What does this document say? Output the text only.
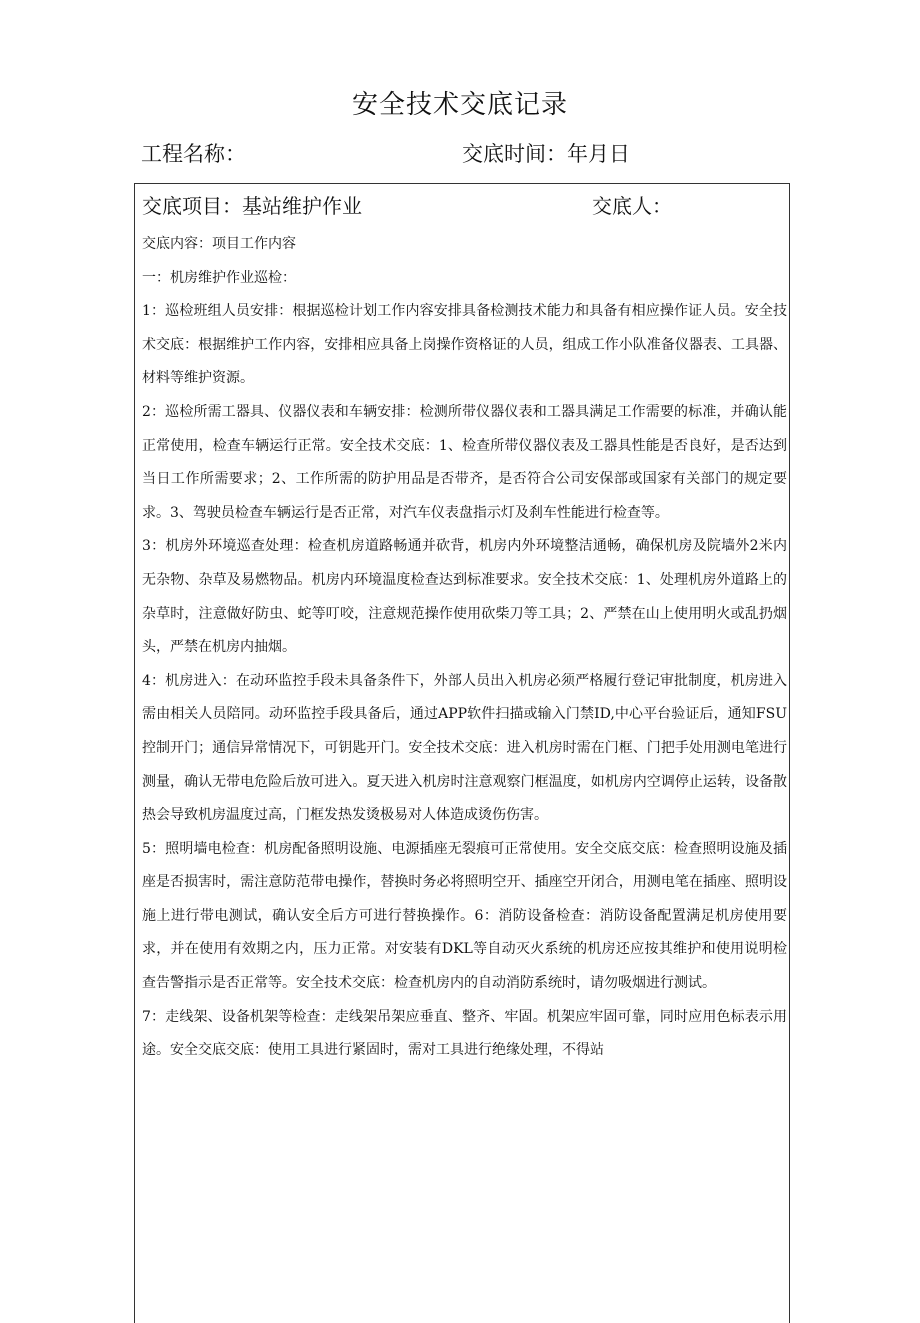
安全技术交底记录
工程名称：	交底时间：年月日
交底项目：基站维护作业	交底人：

交底内容：项目工作内容

一：机房维护作业巡检：

1：巡检班组人员安排：根据巡检计划工作内容安排具备检测技术能力和具备有相应操作证人员。安全技术交底：根据维护工作内容，安排相应具备上岗操作资格证的人员，组成工作小队准备仪器表、工具器、材料等维护资源。

2：巡检所需工器具、仪器仪表和车辆安排：检测所带仪器仪表和工器具满足工作需要的标准，并确认能正常使用，检查车辆运行正常。安全技术交底：1、检查所带仪器仪表及工器具性能是否良好，是否达到当日工作所需要求；2、工作所需的防护用品是否带齐，是否符合公司安保部或国家有关部门的规定要求。3、驾驶员检查车辆运行是否正常，对汽车仪表盘指示灯及刹车性能进行检查等。

3：机房外环境巡查处理：检查机房道路畅通并砍背，机房内外环境整洁通畅，确保机房及院墙外2米内无杂物、杂草及易燃物品。机房内环境温度检查达到标准要求。安全技术交底：1、处理机房外道路上的杂草时，注意做好防虫、蛇等叮咬，注意规范操作使用砍柴刀等工具；2、严禁在山上使用明火或乱扔烟头，严禁在机房内抽烟。

4：机房进入：在动环监控手段未具备条件下，外部人员出入机房必须严格履行登记审批制度，机房进入需由相关人员陪同。动环监控手段具备后，通过APP软件扫描或输入门禁ID,中心平台验证后，通知FSU控制开门；通信异常情况下，可钥匙开门。安全技术交底：进入机房时需在门框、门把手处用测电笔进行测量，确认无带电危险后放可进入。夏天进入机房时注意观察门框温度，如机房内空调停止运转，设备散热会导致机房温度过高，门框发热发烫极易对人体造成烫伤伤害。

5：照明墙电检查：机房配备照明设施、电源插座无裂痕可正常使用。安全交底交底：检查照明设施及插座是否损害时，需注意防范带电操作，替换时务必将照明空开、插座空开闭合，用测电笔在插座、照明设施上进行带电测试，确认安全后方可进行替换操作。6：消防设备检查：消防设备配置满足机房使用要求，并在使用有效期之内，压力正常。对安装有DKL等自动灭火系统的机房还应按其维护和使用说明检查告警指示是否正常等。安全技术交底：检查机房内的自动消防系统时，请勿吸烟进行测试。

7：走线架、设备机架等检查：走线架吊架应垂直、整齐、牢固。机架应牢固可靠，同时应用色标表示用途。安全交底交底：使用工具进行紧固时，需对工具进行绝缘处理，不得站
